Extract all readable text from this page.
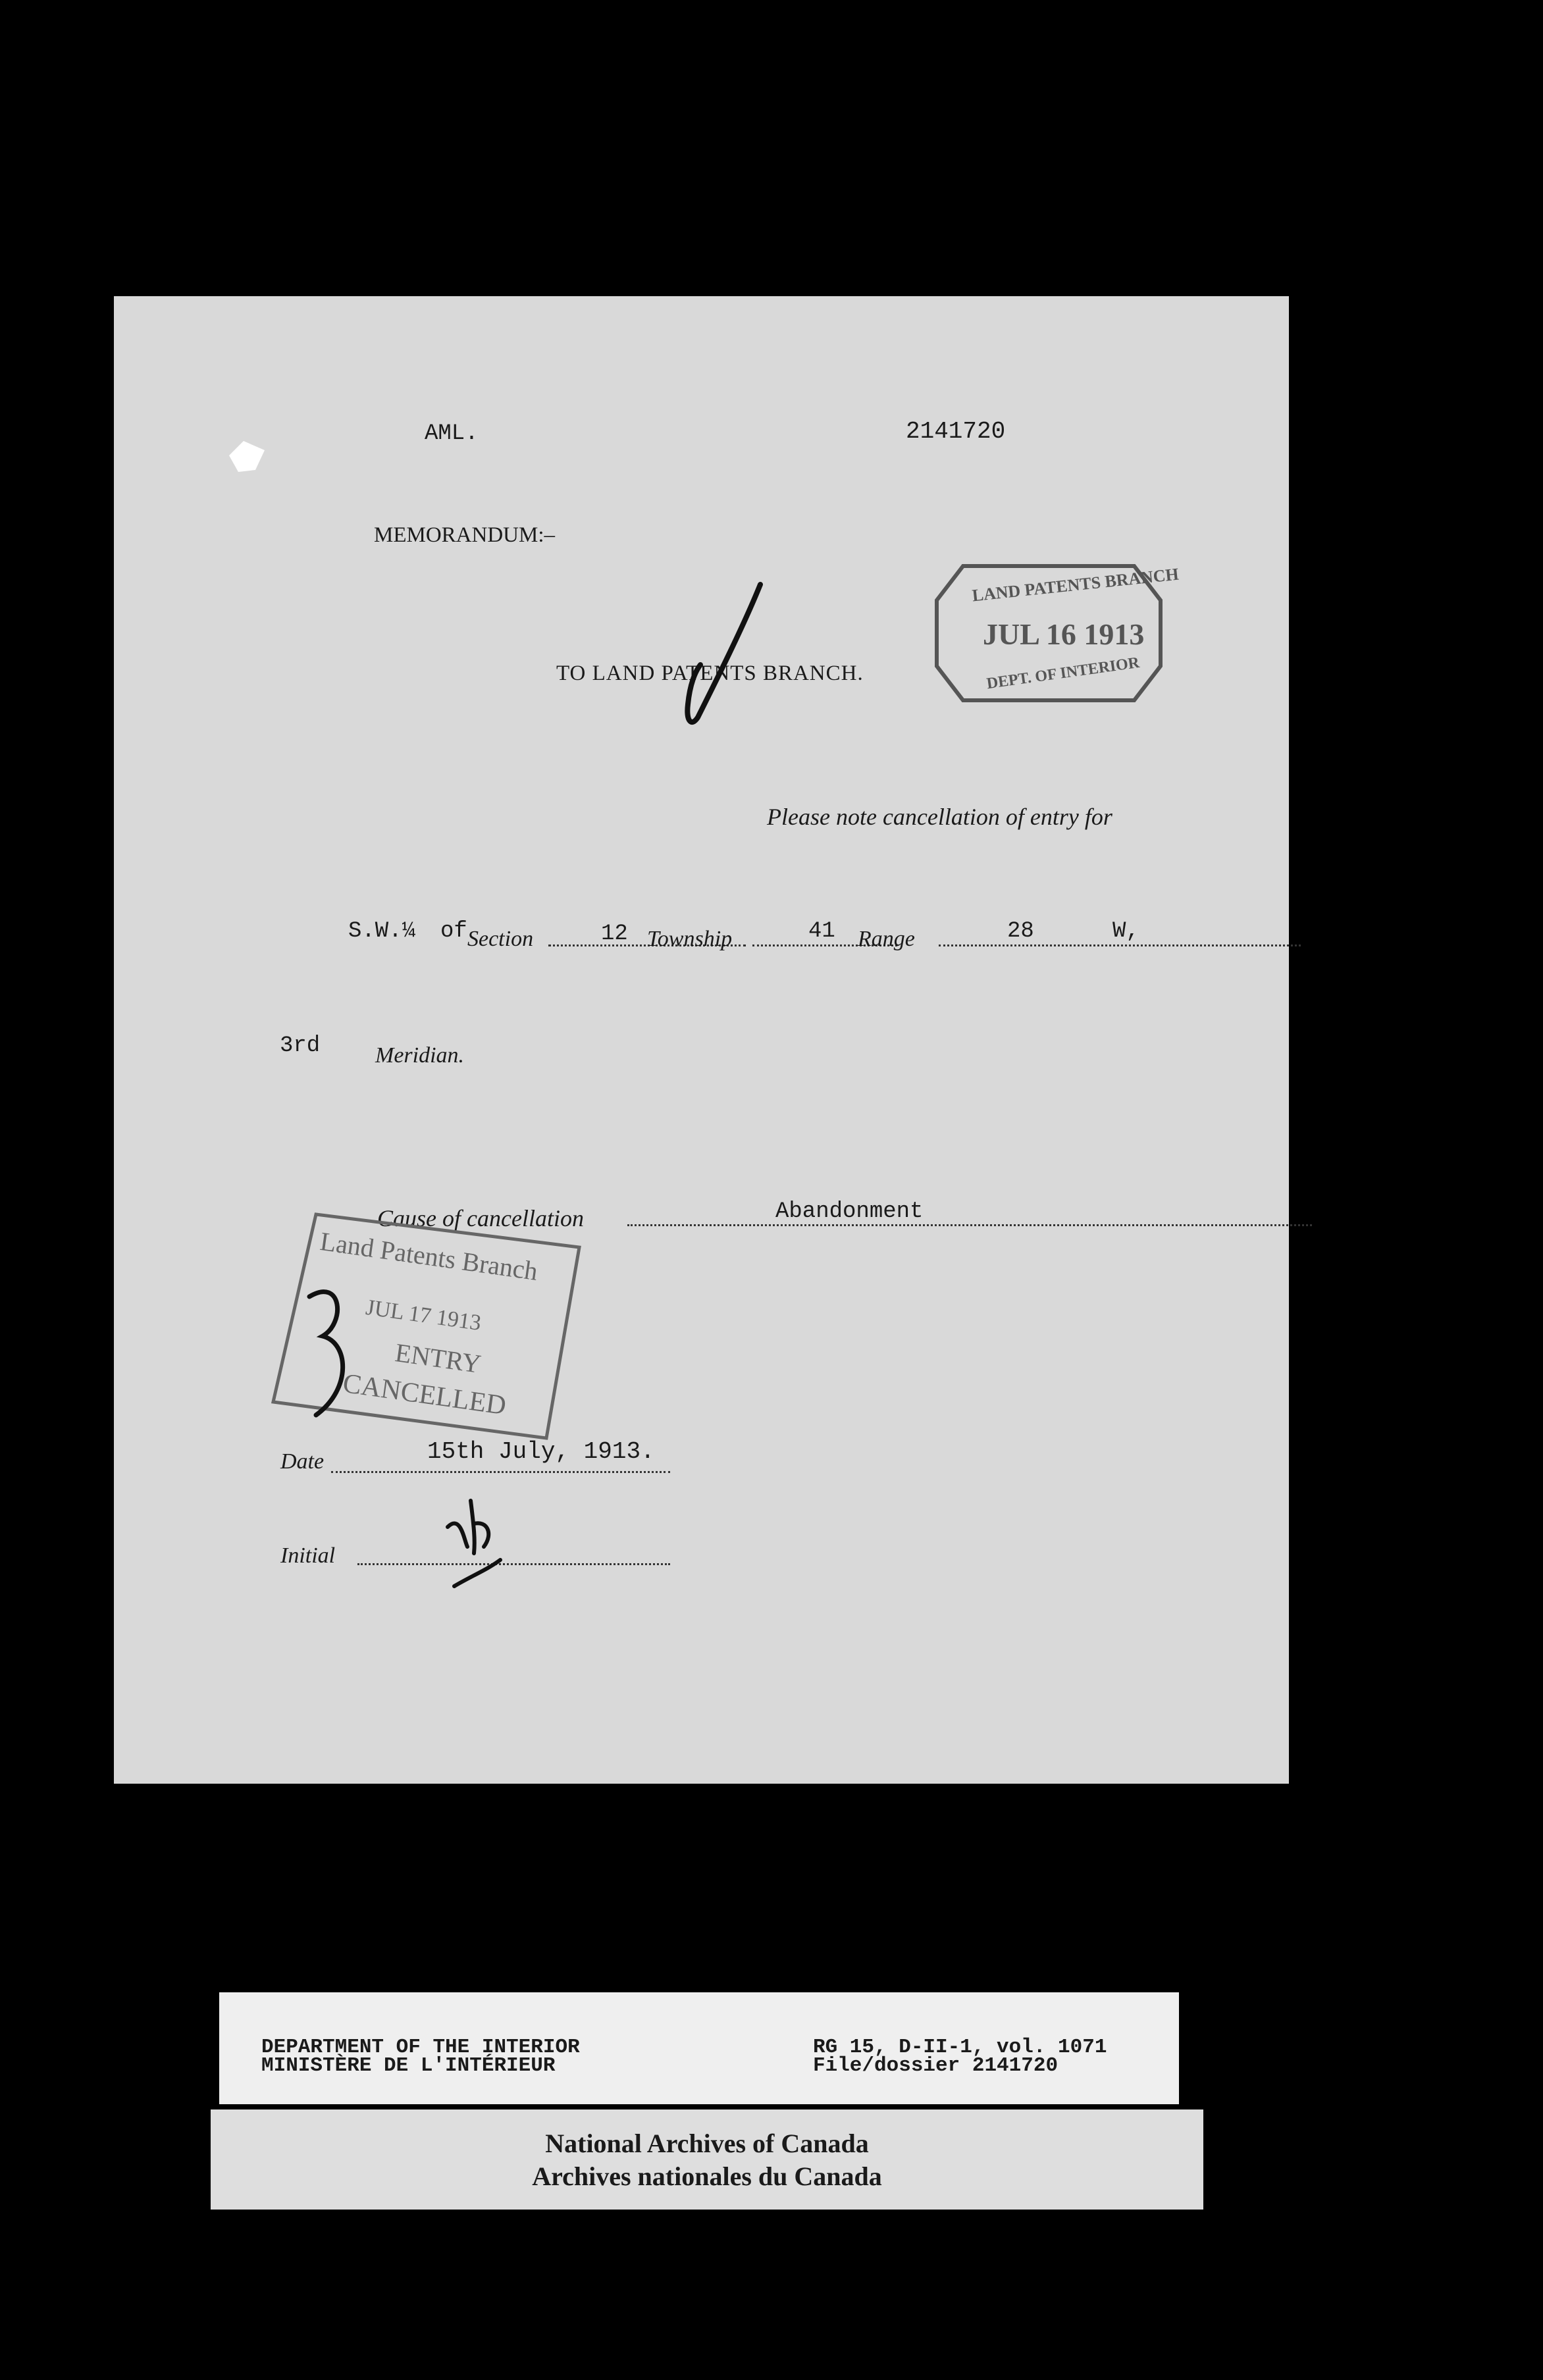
AML.	2141720
MEMORANDUM:–
TO LAND PATENTS BRANCH.
Please note cancellation of entry for
S.W.¼ of Section	12 Township	41 Range	28	W,
3rd Meridian.
Cause of cancellation	Abandonment
Date	15th July, 1913.
Initial
LAND PATENTS BRANCH
JUL 16 1913
DEPT. OF INTERIOR
Land Patents Branch
JUL 17 1913
ENTRY
CANCELLED
DEPARTMENT OF THE INTERIOR
MINISTÈRE DE L'INTÉRIEUR
RG 15, D-II-1, vol. 1071
File/dossier 2141720
National Archives of Canada
Archives nationales du Canada
